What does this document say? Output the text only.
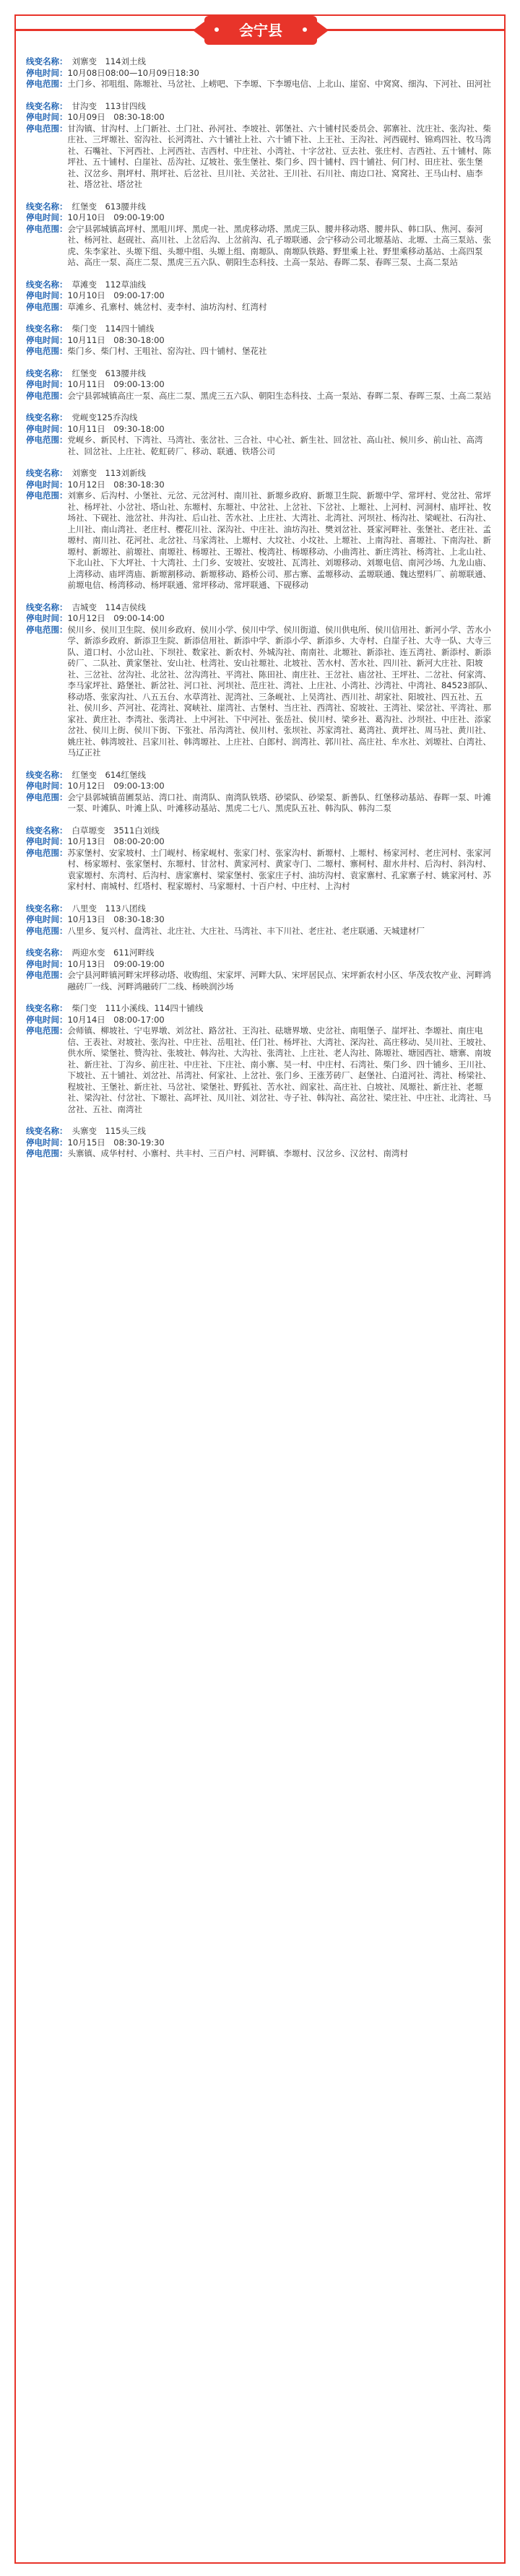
会宁县
线变名称： 刘寨变　114刘土线
停电时间： 10月08日08:00—10月09日18:30
停电范围： 土门乡、祁咀组、陈塬社、马岔社、上崂吧、下李塬、下李塬电信、上北山、崖窑、中窝窝、细沟、下河社、田河社
线变名称： 甘沟变　113甘四线
停电时间： 10月09日　08:30-18:00
停电范围： 甘沟镇、甘沟村、上门新社、土门社、孙河社、李坡社、郭堡社、六十铺村民委员会、郭寨社、沈庄社、张沟社、柴庄社、三坪塬社、窑沟社、长河湾社、六十铺社上社、六十铺下社、上王社、王沟社、河西砚村、锦鸡四社、牧马湾社、石嘴社、下河西社、上河西社、吉西村、中庄社、小湾社、十字岔社、豆去社、张庄村、吉西社、五十铺村、陈坪社、五十铺村、白崖社、岳沟社、辽坡社、张生堡社、柴门乡、四十铺村、四十铺社、何门村、田庄社、张生堡社、汉岔乡、荆坪村、荆坪社、后岔社、旦川社、关岔社、王川社、石川社、南边口社、窝窝社、王马山村、庙李社、塔岔社、塔岔社
线变名称： 红堡变　613腰井线
停电时间： 10月10日　09:00-19:00
停电范围： 会宁县郭城镇高坪村、黑咀川坪、黑虎一社、黑虎移动塔、黑虎三队、腰井移动塔、腰井队、韩口队、焦河、泰河社、杨河社、赵砚社、高川社、上岔后沟、上岔前沟、孔子塬联通、会宁移动公司北塬基站、北塬、土高三泵站、张虎、朱李家社、头塬下组、头塬中组、头塬上组、南塬队、南塬队铁路、野里乘上社、野里乘移动基站、土高四泵站、高庄一泵、高庄二泵、黑虎三五六队、朝阳生态科技、土高一泵站、春晖二泵、春晖三泵、土高二泵站
线变名称： 草滩变　112草油线
停电时间： 10月10日　09:00-17:00
停电范围： 草滩乡、孔寨村、姚岔村、麦李村、油坊沟村、红湾村
线变名称： 柴门变　114四十铺线
停电时间： 10月11日　08:30-18:00
停电范围： 柴门乡、柴门村、王咀社、窑沟社、四十铺村、堡花社
线变名称： 红堡变　613腰井线
停电时间： 10月11日　09:00-13:00
停电范围： 会宁县郭城镇高庄一泵、高庄二泵、黑虎三五六队、朝阳生态科技、土高一泵站、春晖二泵、春晖三泵、土高二泵站
线变名称： 党岘变125乔沟线
停电时间： 10月11日　09:30-18:00
停电范围： 党岘乡、新民村、下湾社、马湾社、张岔社、三合社、中心社、新生社、回岔社、高山社、候川乡、前山社、高湾社、回岔社、上庄社、乾虹砖厂、移动、联通、铁塔公司
线变名称： 刘寨变　113刘新线
停电时间： 10月12日　08:30-18:30
停电范围： 刘寨乡、后沟村、小堡社、元岔、元岔河村、南川社、新塬乡政府、新塬卫生院、新塬中学、常坪村、党岔社、常坪社、杨坪社、小岔社、塔山社、东塬村、东塬社、中岔社、上岔社、下岔社、上塬社、上河村、河洞村、庙坪社、牧场社、下砚社、池岔社、井沟社、后山社、苦水社、上庄社、大湾社、北湾社、河坝社、杨沟社、梁岘社、石沟社、上川社、南山湾社、老庄村、樱花川社、深沟社、中庄社、油坊沟社、樊刘岔社、聂家河畔社、张堡社、老庄社、孟塬村、南川社、花河社、北岔社、马家湾社、上塬村、大坟社、小坟社、上塬社、上南沟社、喜塬社、下南沟社、新塬村、新塬社、前塬社、南塬社、杨塬社、王塬社、梭湾社、杨塬移动、小曲湾社、新庄湾社、杨湾社、上北山社、下北山社、下大坪社、十大湾社、土门乡、安坡社、安坡社、瓦湾社、刘塬移动、刘塬电信、南河沙场、九龙山庙、上湾移动、庙坪湾庙、新塬割移动、新塬移动、路桥公司、那古寨、孟塬移动、孟塬联通、魏达塑料厂、前塬联通、前塬电信、杨湾移动、杨坪联通、常坪移动、常坪联通、下砚移动
线变名称： 吉城变　114吉侯线
停电时间： 10月12日　09:00-14:00
停电范围： 侯川乡、侯川卫生院、侯川乡政府、侯川小学、侯川中学、侯川街道、侯川供电所、侯川信用社、新河小学、苦水小学、新添乡政府、新添卫生院、新添信用社、新添中学、新添小学、新添乡、大寺村、白崖子社、大寺一队、大寺三队、道口村、小岔山社、下坝社、数家社、新农村、外城沟社、南南社、北塬社、新添社、连五湾社、新添村、新添砖厂、二队社、黄家堡社、安山社、杜湾社、安山社塬社、北坡社、苦水村、苦水社、四川社、新河大庄社、阳坡社、三岔社、岔沟社、北岔社、岔沟湾社、平湾社、陈田社、南庄社、王岔社、庙岔社、王坪社、二岔社、何家湾、李马家坪社、路堡社、新岔社、河口社、河坝社、范庄社、湾社、上庄社、小湾社、沙湾社、中湾社、84523部队、移动塔、张家沟社、八五五台、水草湾社、泥湾社、三条岘社、上吴湾社、西川社、胡家社、阳坡社、四五社、五社、侯川乡、芦河社、花湾社、窝峡社、崖湾社、古堡村、当庄社、西湾社、窑坡社、王湾社、梁岔社、平湾社、那家社、黄庄社、李湾社、张湾社、上中河社、下中河社、张岳社、侯川村、梁乡社、葛沟社、沙坝社、中庄社、添家岔社、侯川上街、侯川下街、下张社、吊沟湾社、侯川村、张坝社、苏家湾社、葛湾社、黄坪社、周马社、黄川社、姚庄社、韩湾坡社、吕家川社、韩湾塬社、上庄社、白郎村、润湾社、郭川社、高庄社、牟水社、刘塬社、白湾社、马辽正社
线变名称： 红堡变　614红堡线
停电时间： 10月12日　09:00-13:00
停电范围： 会宁县郭城镇苗圃泵站、湾口社、南湾队、南湾队铁塔、砂梁队、砂梁泵、新善队、红堡移动基站、春晖一泵、叶滩一泵、叶滩队、叶滩上队、叶滩移动基站、黑虎二七八、黑虎队五社、韩沟队、韩沟二泵
线变名称： 白草塬变　3511白刘线
停电时间： 10月13日　08:00-20:00
停电范围： 苏家堡村、安家坡村、土门岘村、杨家岘村、张家门村、张家沟村、新塬村、上塬村、杨家河村、老庄河村、张家河村、杨家塬村、张家堡村、东塬村、甘岔村、黄家河村、黄家寺门、二塬村、寨柯村、甜水井村、后沟村、斜沟村、袁家塬村、东湾村、后沟村、唐家寨村、梁家堡村、张家庄子村、油坊沟村、袁家寨村、孔家寨子村、姚家河村、苏家村村、南城村、红塔村、程家塬村、马家塬村、十百户村、中庄村、上沟村
线变名称： 八里变　113八团线
停电时间： 10月13日　08:30-18:30
停电范围： 八里乡、复兴村、盘湾社、北庄社、大庄社、马湾社、丰下川社、老庄社、老庄联通、天城建材厂
线变名称： 两迎水变　611河畔线
停电时间： 10月13日　09:00-19:00
停电范围： 会宁县河畔镇河畔宋坪移动塔、收购组、宋家坪、河畔大队、宋坪居民点、宋坪新农村小区、华茂农牧产业、河畔鸿融砖厂一线、河畔鸿融砖厂二线、杨映润沙场
线变名称： 柴门变　111小溪线、114四十铺线
停电时间： 10月14日　08:00-17:00
停电范围： 会师镇、柳坡社、宁屯界墩、刘岔社、路岔社、王沟社、砝塘界墩、史岔社、南咀堡子、崖坪社、李塬社、南庄电信、王表社、对坡社、张沟社、中庄社、岳咀社、任门社、杨坪社、大湾社、深沟社、高庄移动、吴川社、王坡社、供水所、梁堡社、赞沟社、张坡社、韩沟社、大沟社、张湾社、上庄社、老人沟社、陈塬社、塘园西社、塘寨、南坡社、新庄社、丁沟乡、前庄社、中庄社、下庄社、南小寨、吴一村、中庄村、石湾社、柴门乡、四十铺乡、王川社、下坡社、五十铺社、刘岔社、吊湾社、何家社、上岔社、张门乡、王涨芳砖厂、赵堡社、白道河社、湾社、杨梁社、程坡社、王堡社、新庄社、马岔社、梁堡社、野狐社、苦水社、阎家社、高庄社、白坡社、凤塬社、新庄社、老塬社、梁沟社、付岔社、下塬社、高坪社、凤川社、刘岔社、寺子社、韩沟社、高岔社、梁庄社、中庄社、北湾社、马岔社、五社、南湾社
线变名称： 头寨变　115头三线
停电时间： 10月15日　08:30-19:30
停电范围： 头寨镇、成华村村、小寨村、共丰村、三百户村、河畔镇、李塬村、汉岔乡、汉岔村、南湾村
